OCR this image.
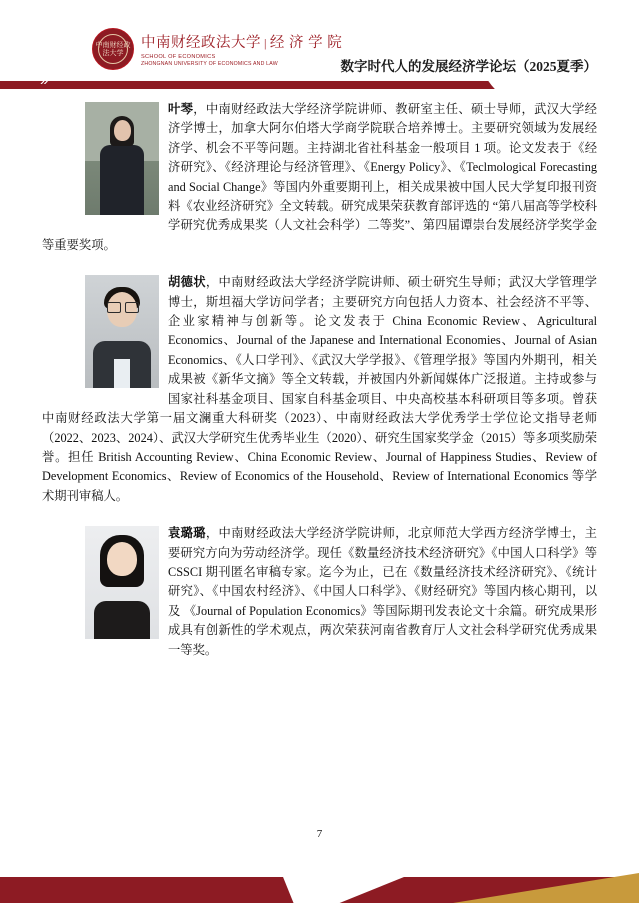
中南财经政法大学
中南财经政法大学 | 经 济 学 院
SCHOOL OF ECONOMICS
ZHONGNAN UNIVERSITY OF ECONOMICS AND LAW	数字时代人的发展经济学论坛（2025夏季）
»
叶琴，中南财经政法大学经济学院讲师、教研室主任、硕士导师，武汉大学经济学博士，加拿大阿尔伯塔大学商学院联合培养博士。主要研究领域为发展经济学、机会不平等问题。主持湖北省社科基金一般项目 1 项。论文发表于《经济研究》、《经济理论与经济管理》、《Energy Policy》、《Teclmological Forecasting and Social Change》等国内外重要期刊上，相关成果被中国人民大学复印报刊资料《农业经济研究》全文转载。研究成果荣获教育部评选的 “第八届高等学校科学研究优秀成果奖（人文社会科学）二等奖”、第四届谭崇台发展经济学奖学金等重要奖项。
胡德状，中南财经政法大学经济学院讲师、硕士研究生导师；武汉大学管理学博士，斯坦福大学访问学者；主要研究方向包括人力资本、社会经济不平等、企业家精神与创新等。论文发表于 China Economic Review、Agricultural Economics、Journal of the Japanese and International Economies、Journal of Asian Economics、《人口学刊》、《武汉大学学报》、《管理学报》等国内外期刊，相关成果被《新华文摘》等全文转载，并被国内外新闻媒体广泛报道。主持或参与国家社科基金项目、国家自科基金项目、中央高校基本科研项目等多项。曾获中南财经政法大学第一届文澜重大科研奖（2023）、中南财经政法大学优秀学士学位论文指导老师（2022、2023、2024）、武汉大学研究生优秀毕业生（2020）、研究生国家奖学金（2015）等多项奖励荣誉。担任 British Accounting Review、China Economic Review、Journal of Happiness Studies、Review of Development Economics、Review of Economics of the Household、Review of International Economics 等学术期刊审稿人。
袁璐璐，中南财经政法大学经济学院讲师，北京师范大学西方经济学博士，主要研究方向为劳动经济学。现任《数量经济技术经济研究》《中国人口科学》等 CSSCI 期刊匿名审稿专家。迄今为止，已在《数量经济技术经济研究》、《统计研究》、《中国农村经济》、《中国人口科学》、《财经研究》等国内核心期刊，以及 《Journal of Population Economics》等国际期刊发表论文十余篇。研究成果形成具有创新性的学术观点，两次荣获河南省教育厅人文社会科学研究优秀成果一等奖。
7
